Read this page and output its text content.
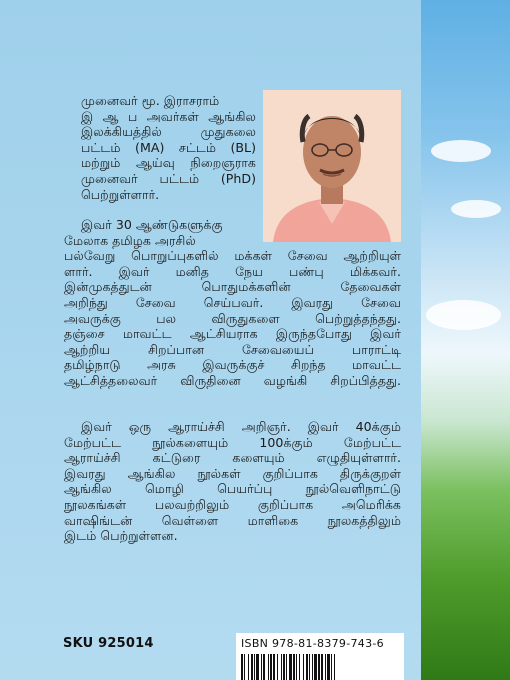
முனைவர் மூ. இராசராம்
இ ஆ ப அவர்கள் ஆங்கில
இலக்கியத்தில் முதுகலை
பட்டம் (MA) சட்டம் (BL)
மற்றும் ஆய்வு நிறைஞராக
முனைவர் பட்டம் (PhD)
பெற்றுள்ளார்.
இவர் 30 ஆண்டுகளுக்கு
மேலாக தமிழக அரசில்
பல்வேறு பொறுப்புகளில் மக்கள் சேவை ஆற்றியுள்
ளார். இவர் மனித நேய பண்பு மிக்கவர்.
இன்முகத்துடன் பொதுமக்களின் தேவைகள்
அறிந்து சேவை செய்பவர். இவரது சேவை
அவருக்கு பல விருதுகளை பெற்றுத்தந்தது.
தஞ்சை மாவட்ட ஆட்சியராக இருந்தபோது இவர்
ஆற்றிய சிறப்பான சேவையைப் பாராட்டி
தமிழ்நாடு அரசு இவருக்குச் சிறந்த மாவட்ட
ஆட்சித்தலைவர் விருதினை வழங்கி சிறப்பித்தது.
இவர் ஒரு ஆராய்ச்சி அறிஞர். இவர் 40க்கும்
மேற்பட்ட நூல்களையும் 100க்கும் மேற்பட்ட
ஆராய்ச்சி கட்டுரை களையும் எழுதியுள்ளார்.
இவரது ஆங்கில நூல்கள் குறிப்பாக திருக்குறள்
ஆங்கில மொழி பெயர்ப்பு நூல்வெளிநாட்டு
நூலகங்கள் பலவற்றிலும் குறிப்பாக அமெரிக்க
வாஷிங்டன் வெள்ளை மாளிகை நூலகத்திலும்
இடம் பெற்றுள்ளன.
SKU 925014	ISBN 978-81-8379-743-6
